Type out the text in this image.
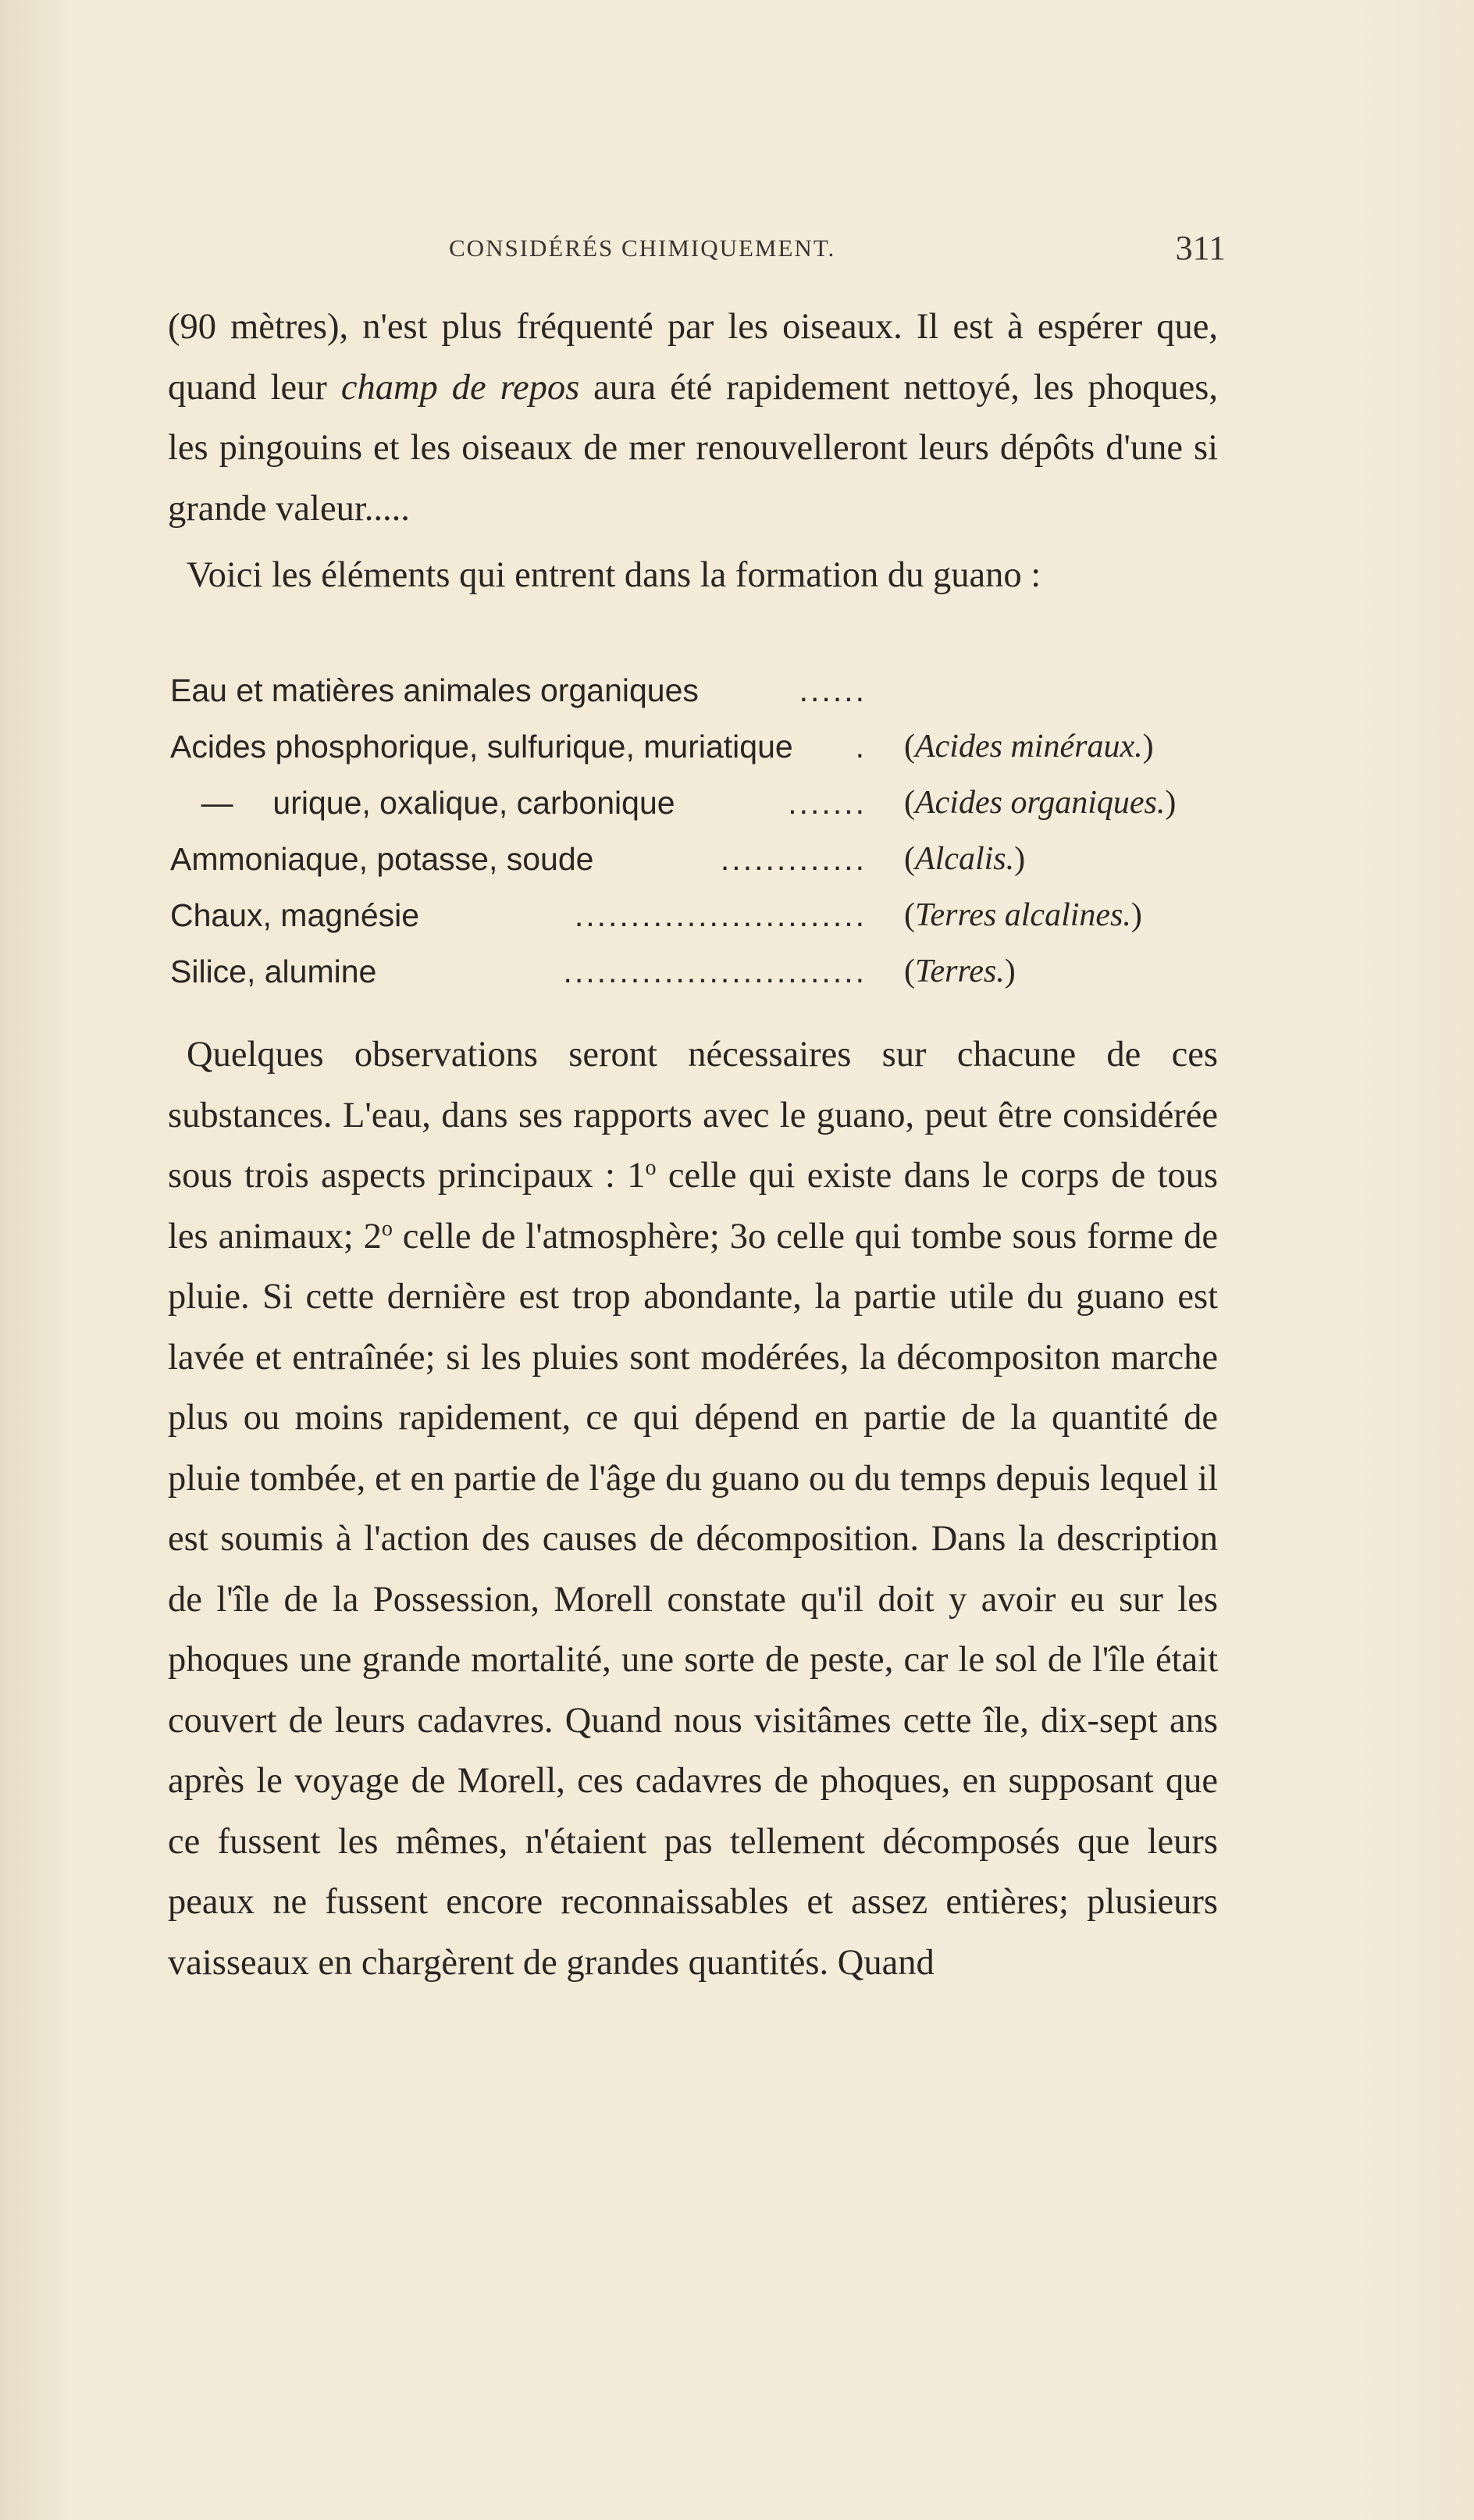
CONSIDÉRÉS CHIMIQUEMENT.	311

(90 mètres), n'est plus fréquenté par les oiseaux. Il est à espérer que, quand leur champ de repos aura été rapidement nettoyé, les phoques, les pingouins et les oiseaux de mer renouvelleront leurs dépôts d'une si grande valeur.....

Voici les éléments qui entrent dans la formation du guano :

Eau et matières animales organiques	......
Acides phosphorique, sulfurique, muriatique . (Acides minéraux.)
— urique, oxalique, carbonique	....... (Acides organiques.)
Ammoniaque, potasse, soude	............. (Alcalis.)
Chaux, magnésie	.......................... (Terres alcalines.)
Silice, alumine	........................... (Terres.)

Quelques observations seront nécessaires sur chacune de ces substances. L'eau, dans ses rapports avec le guano, peut être considérée sous trois aspects principaux : 1$^o$ celle qui existe dans le corps de tous les animaux; 2$^o$ celle de l'atmosphère; 3o celle qui tombe sous forme de pluie. Si cette dernière est trop abondante, la partie utile du guano est lavée et entraînée; si les pluies sont modérées, la décompositon marche plus ou moins rapidement, ce qui dépend en partie de la quantité de pluie tombée, et en partie de l'âge du guano ou du temps depuis lequel il est soumis à l'action des causes de décomposition. Dans la description de l'île de la Possession, Morell constate qu'il doit y avoir eu sur les phoques une grande mortalité, une sorte de peste, car le sol de l'île était couvert de leurs cadavres. Quand nous visitâmes cette île, dix-sept ans après le voyage de Morell, ces cadavres de phoques, en supposant que ce fussent les mêmes, n'étaient pas tellement décomposés que leurs peaux ne fussent encore reconnaissables et assez entières; plusieurs vaisseaux en chargèrent de grandes quantités. Quand
